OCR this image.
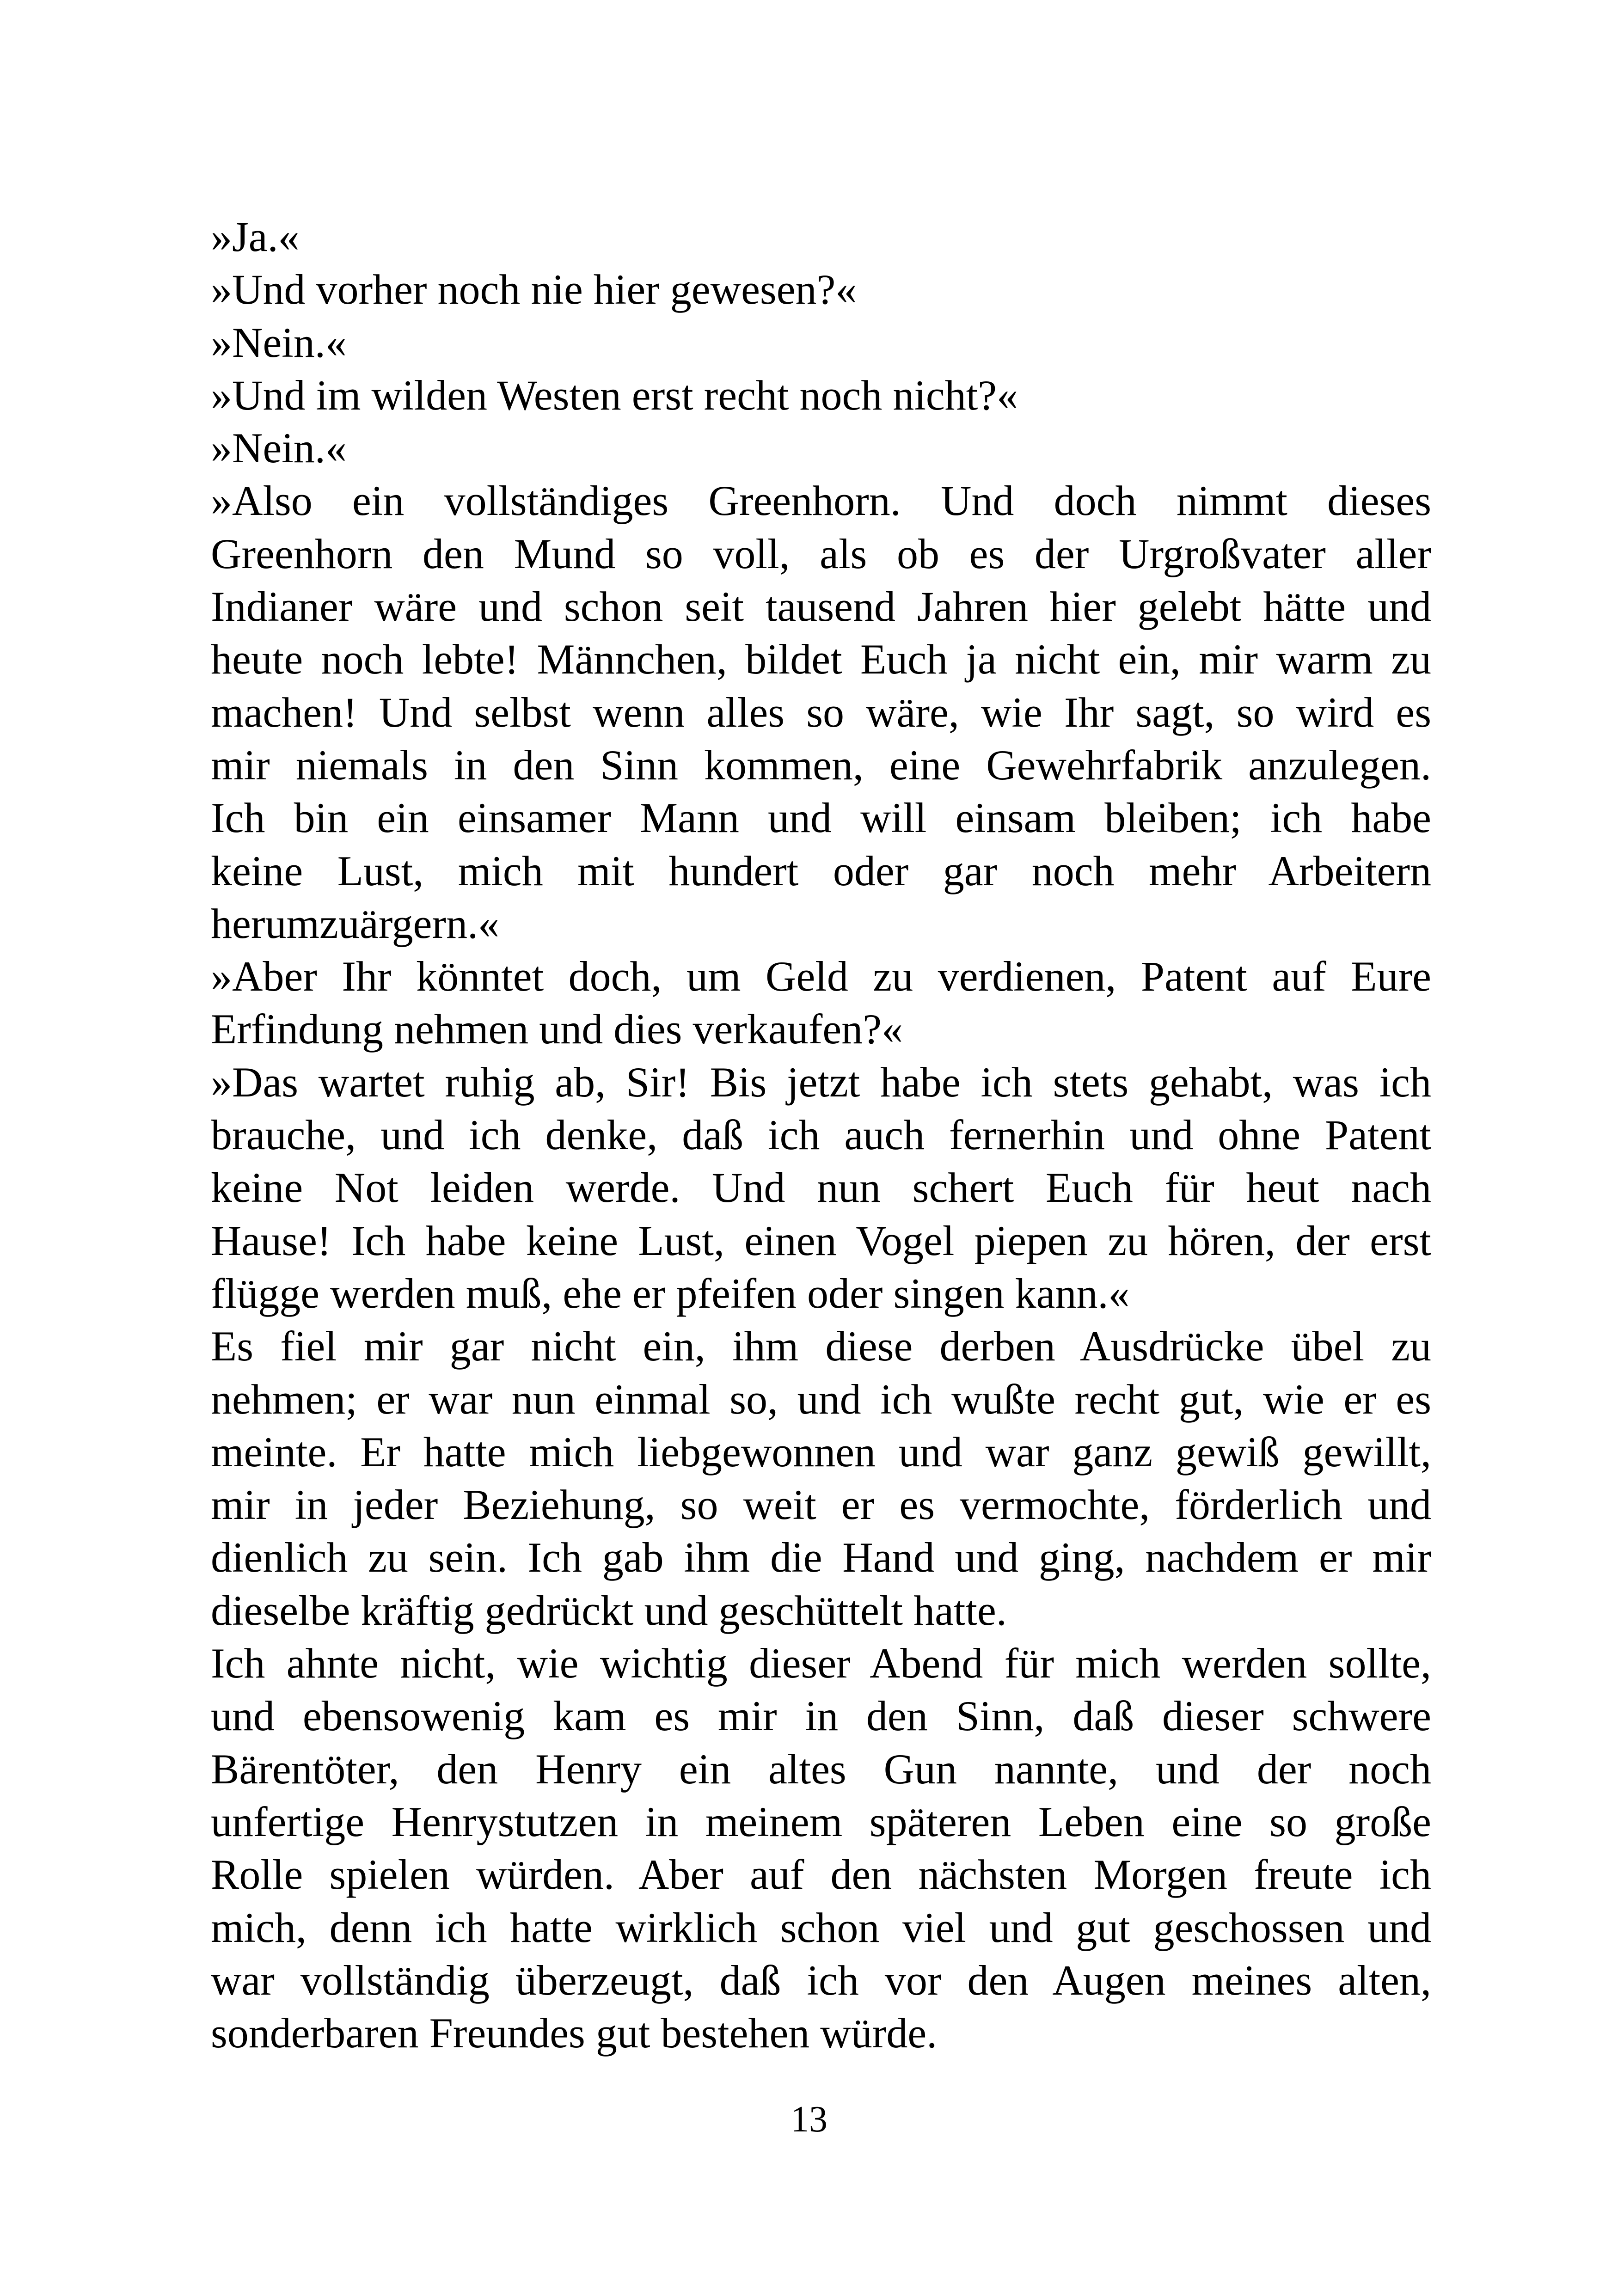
»Ja.«
»Und vorher noch nie hier gewesen?«
»Nein.«
»Und im wilden Westen erst recht noch nicht?«
»Nein.«
»Also ein vollständiges Greenhorn. Und doch nimmt dieses
Greenhorn den Mund so voll, als ob es der Urgroßvater aller
Indianer wäre und schon seit tausend Jahren hier gelebt hätte und
heute noch lebte! Männchen, bildet Euch ja nicht ein, mir warm zu
machen! Und selbst wenn alles so wäre, wie Ihr sagt, so wird es
mir niemals in den Sinn kommen, eine Gewehrfabrik anzulegen.
Ich bin ein einsamer Mann und will einsam bleiben; ich habe
keine Lust, mich mit hundert oder gar noch mehr Arbeitern
herumzuärgern.«
»Aber Ihr könntet doch, um Geld zu verdienen, Patent auf Eure
Erfindung nehmen und dies verkaufen?«
»Das wartet ruhig ab, Sir! Bis jetzt habe ich stets gehabt, was ich
brauche, und ich denke, daß ich auch fernerhin und ohne Patent
keine Not leiden werde. Und nun schert Euch für heut nach
Hause! Ich habe keine Lust, einen Vogel piepen zu hören, der erst
flügge werden muß, ehe er pfeifen oder singen kann.«
Es fiel mir gar nicht ein, ihm diese derben Ausdrücke übel zu
nehmen; er war nun einmal so, und ich wußte recht gut, wie er es
meinte. Er hatte mich liebgewonnen und war ganz gewiß gewillt,
mir in jeder Beziehung, so weit er es vermochte, förderlich und
dienlich zu sein. Ich gab ihm die Hand und ging, nachdem er mir
dieselbe kräftig gedrückt und geschüttelt hatte.
Ich ahnte nicht, wie wichtig dieser Abend für mich werden sollte,
und ebensowenig kam es mir in den Sinn, daß dieser schwere
Bärentöter, den Henry ein altes Gun nannte, und der noch
unfertige Henrystutzen in meinem späteren Leben eine so große
Rolle spielen würden. Aber auf den nächsten Morgen freute ich
mich, denn ich hatte wirklich schon viel und gut geschossen und
war vollständig überzeugt, daß ich vor den Augen meines alten,
sonderbaren Freundes gut bestehen würde.
13
